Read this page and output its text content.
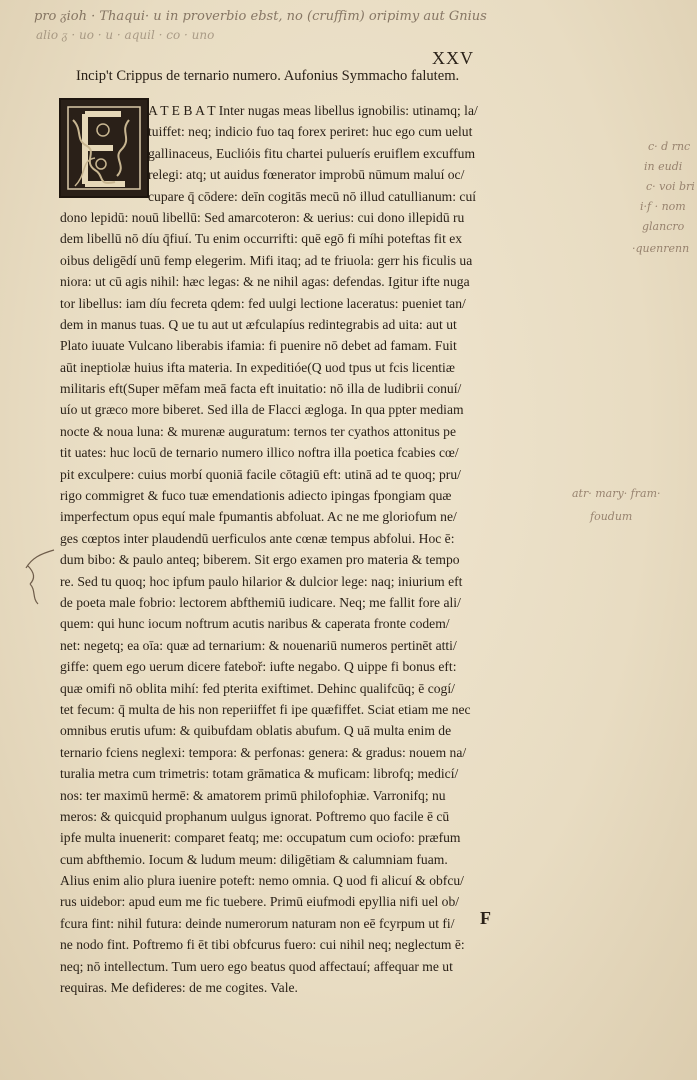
pro ᵹioh · Thaqui· u in proverbio ebst, no (cruffim) oripimy aut Gnius
alio ᵹ · uo · u · aquil · co · uno
XXV
Incip't Crippus de ternario numero. Aufonius Symmacho falutem.
A T E B A T Inter nugas meas libellus ignobilis: utinamq; la/
tuiffet: neq; indicio fuo taq forex periret: huc ego cum uelut
gallinaceus, Euclióis fitu chartei puluerís eruiflem excuffum
relegi: atq; ut auidus fœnerator improbū nūmum maluí oc/
cupare q̄ cōdere: deīn cogitās mecū nō illud catullianum: cuí
dono lepidū: nouū libellū: Sed amarcoteron: & uerius: cui dono illepidū ru
dem libellū nō díu q̄fiuí. Tu enim occurrifti: quē egō fi míhi poteftas fit ex
oibus deligēdí unū femp elegerim. Mifi itaq; ad te friuola: gerr his ficulis ua
niora: ut cū agis nihil: hæc legas: & ne nihil agas: defendas. Igitur ifte nuga
tor libellus: iam díu fecreta qdem: fed uulgi lectione laceratus: pueniet tan/
dem in manus tuas. Q ue tu aut ut æfculapíus redintegrabis ad uita: aut ut
Plato iuuate Vulcano liberabis ifamia: fi puenire nō debet ad famam. Fuit
aūt ineptiolæ huius ifta materia. In expeditióe(Q uod tpus ut fcis licentiæ
militaris eft(Super mēfam meā facta eft inuitatio: nō illa de ludibrii conuí/
uío ut græco more biberet. Sed illa de Flacci ægloga. In qua ppter mediam
nocte & noua luna: & murenæ auguratum: ternos ter cyathos attonitus pe
tit uates: huc locū de ternario numero illico noftra illa poetica fcabies cœ/
pit exculpere: cuius morbí quoniā facile cōtagiū eft: utinā ad te quoq; pru/
rigo commigret & fuco tuæ emendationis adiecto ipingas fpongiam quæ
imperfectum opus equí male fpumantis abfoluat. Ac ne me gloriofum ne/
ges cœptos inter plaudendū uerficulos ante cœnæ tempus abfolui. Hoc ē:
dum bibo: & paulo anteq; biberem. Sit ergo examen pro materia & tempo
re. Sed tu quoq; hoc ipfum paulo hilarior & dulcior lege: naq; iniurium eft
de poeta male fobrio: lectorem abfthemiū iudicare. Neq; me fallit fore ali/
quem: qui hunc iocum noftrum acutis naribus & caperata fronte codem/
net: negetq; ea oīa: quæ ad ternarium: & nouenariū numeros pertinēt atti/
giffe: quem ego uerum dicere fateboř: iufte negabo. Q uippe fi bonus eft:
quæ omifi nō oblita mihí: fed pterita exiftimet. Dehinc qualifcūq; ē cogí/
tet fecum: q̄ multa de his non reperiiffet fi ipe quæfiffet. Sciat etiam me nec
omnibus erutis ufum: & quibufdam oblatis abufum. Q uā multa enim de
ternario fciens neglexi: tempora: & perfonas: genera: & gradus: nouem na/
turalia metra cum trimetris: totam grāmatica & muficam: librofq; medicí/
nos: ter maximū hermē: & amatorem primū philofophiæ. Varronifq; nu
meros: & quicquid prophanum uulgus ignorat. Poftremo quo facile ē cū
ipfe multa inuenerit: comparet featq; me: occupatum cum ociofo: præfum
cum abfthemio. Iocum & ludum meum: diligētiam & calumniam fuam.
Alius enim alio plura iuenire poteft: nemo omnia. Q uod fi alicuí & obfcu/
rus uidebor: apud eum me fic tuebere. Primū eiufmodi epyllia nifi uel ob/
fcura fint: nihil futura: deinde numerorum naturam non eē fcyrpum ut fi/
ne nodo fint. Poftremo fi ēt tibi obfcurus fuero: cui nihil neq; neglectum ē:
neq; nō intellectum. Tum uero ego beatus quod affectauí; affequar me ut
requiras. Me defideres: de me cogites. Vale.
F
c· d rnc
in eudi
c· voi bri
i·f · nom
glancro
·quenrenn
atr· mary· fram·
foudum
